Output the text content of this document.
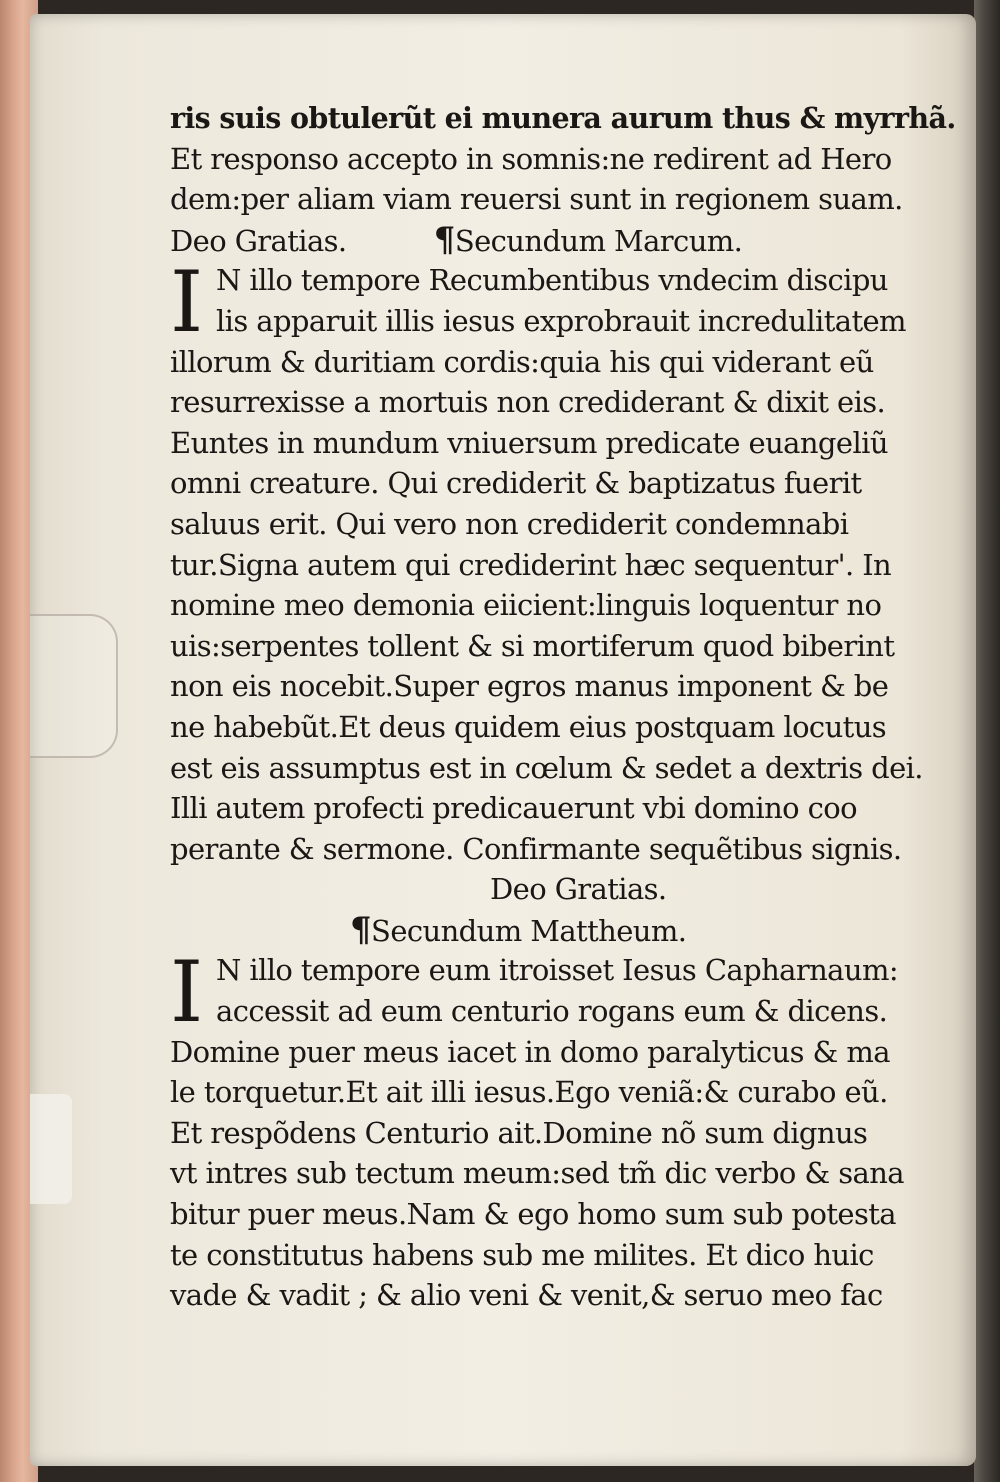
ris suis obtulerũt ei munera aurum thus & myrrhã.
Et responso accepto in somnis:ne redirent ad Hero
dem:per aliam viam reuersi sunt in regionem suam.
Deo Gratias.	¶Secundum Marcum.
I N illo tempore Recumbentibus vndecim discipu
lis apparuit illis iesus exprobrauit incredulitatem
illorum & duritiam cordis:quia his qui viderant eũ
resurrexisse a mortuis non crediderant & dixit eis.
Euntes in mundum vniuersum predicate euangeliũ
omni creature. Qui crediderit & baptizatus fuerit
saluus erit. Qui vero non crediderit condemnabi
tur.Signa autem qui crediderint hæc sequentur'. In
nomine meo demonia eiicient:linguis loquentur no
uis:serpentes tollent & si mortiferum quod biberint
non eis nocebit.Super egros manus imponent & be
ne habebũt.Et deus quidem eius postquam locutus
est eis assumptus est in cœlum & sedet a dextris dei.
Illi autem profecti predicauerunt vbi domino coo
perante & sermone. Confirmante sequẽtibus signis.
Deo Gratias.
¶Secundum Mattheum.
I N illo tempore eum itroisset Iesus Capharnaum:
accessit ad eum centurio rogans eum & dicens.
Domine puer meus iacet in domo paralyticus & ma
le torquetur.Et ait illi iesus.Ego veniã:& curabo eũ.
Et respõdens Centurio ait.Domine nõ sum dignus
vt intres sub tectum meum:sed tm̃ dic verbo & sana
bitur puer meus.Nam & ego homo sum sub potesta
te constitutus habens sub me milites. Et dico huic
vade & vadit ; & alio veni & venit,& seruo meo fac
